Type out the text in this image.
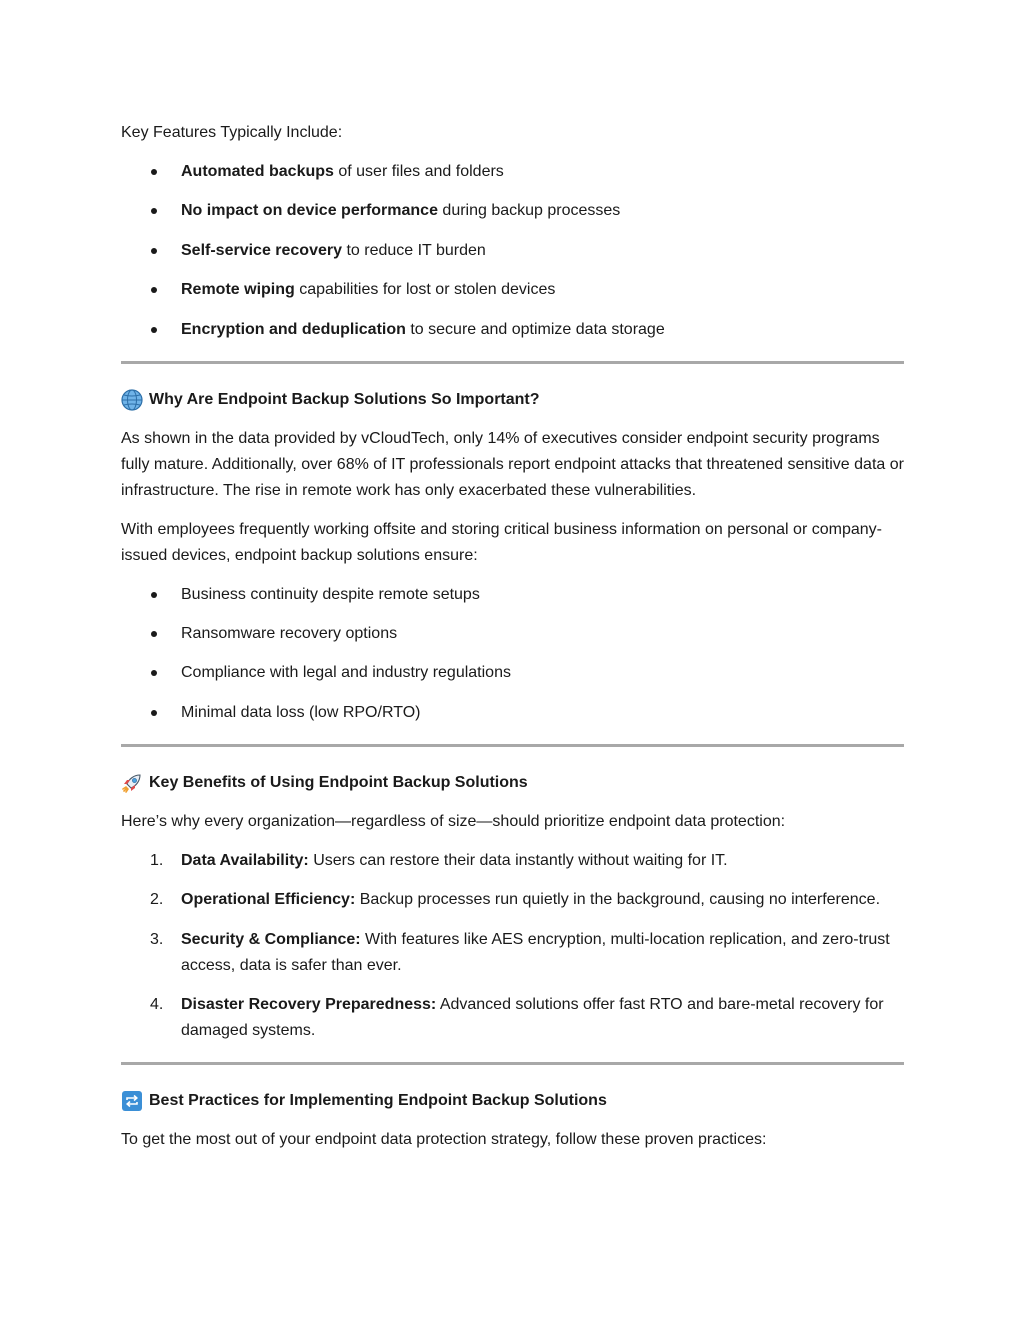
Key Features Typically Include:

Automated backups of user files and folders
No impact on device performance during backup processes
Self-service recovery to reduce IT burden
Remote wiping capabilities for lost or stolen devices
Encryption and deduplication to secure and optimize data storage
Why Are Endpoint Backup Solutions So Important?

As shown in the data provided by vCloudTech, only 14% of executives consider endpoint security programs fully mature. Additionally, over 68% of IT professionals report endpoint attacks that threatened sensitive data or infrastructure. The rise in remote work has only exacerbated these vulnerabilities.

With employees frequently working offsite and storing critical business information on personal or company-issued devices, endpoint backup solutions ensure:

Business continuity despite remote setups
Ransomware recovery options
Compliance with legal and industry regulations
Minimal data loss (low RPO/RTO)
Key Benefits of Using Endpoint Backup Solutions

Here’s why every organization—regardless of size—should prioritize endpoint data protection:

1. Data Availability: Users can restore their data instantly without waiting for IT.
2. Operational Efficiency: Backup processes run quietly in the background, causing no interference.
3. Security & Compliance: With features like AES encryption, multi-location replication, and zero-trust access, data is safer than ever.
4. Disaster Recovery Preparedness: Advanced solutions offer fast RTO and bare-metal recovery for damaged systems.
Best Practices for Implementing Endpoint Backup Solutions

To get the most out of your endpoint data protection strategy, follow these proven practices:
